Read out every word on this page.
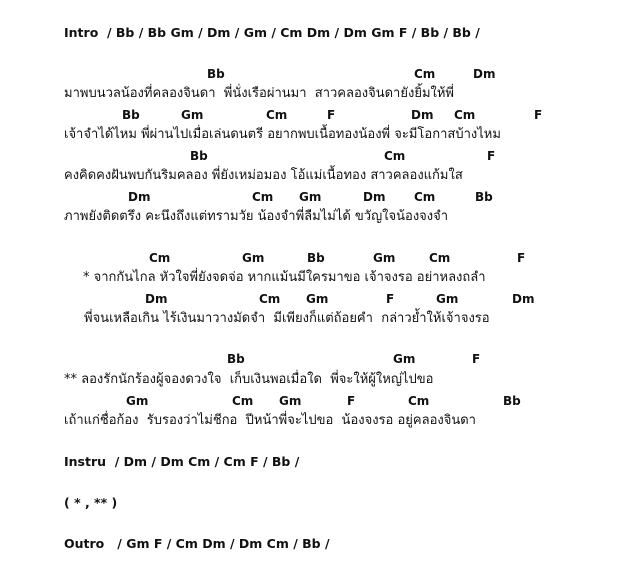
Intro  / Bb / Bb Gm / Dm / Gm / Cm Dm / Dm Gm F / Bb / Bb /
Bb	Cm	Dm
มาพบนวลน้องที่คลองจินดา  พี่นั่งเรือผ่านมา  สาวคลองจินดายังยิ้มให้พี่
Bb	Gm	Cm	F	Dm Cm	F
เจ้าจำได้ไหม พี่ผ่านไปเมื่อเล่นดนตรี อยากพบเนื้อทองน้องพี่ จะมีโอกาสบ้างไหม
Bb	Cm	F
คงคิดคงฝันพบกันริมคลอง พี่ยังเหม่อมอง โอ้แม่เนื้อทอง สาวคลองแก้มใส
Dm	Cm Gm	Dm Cm	Bb
ภาพยังติดตรึง คะนึงถึงแต่ทรามวัย น้องจำพี่ลืมไม่ได้ ขวัญใจน้องจงจำ
Cm	Gm	Bb	Gm	Cm	F
* จากกันไกล หัวใจพี่ยังจดจ่อ หากแม้นมีใครมาขอ เจ้าจงรอ อย่าหลงถลำ
Dm	Cm Gm	F	Gm	Dm
พี่จนเหลือเกิน ไร้เงินมาวางมัดจำ  มีเพียงก็แต่ถ้อยคำ  กล่าวย้ำให้เจ้าจงรอ
Bb	Gm	F
** ลองรักนักร้องผู้จองดวงใจ  เก็บเงินพอเมื่อใด  พี่จะให้ผู้ใหญ่ไปขอ
Gm	Cm Gm	F	Cm	Bb
เถ้าแก่ชื่อก้อง  รับรองว่าไม่ชีกอ  ปีหน้าพี่จะไปขอ  น้องจงรอ อยู่คลองจินดา
Instru  / Dm / Dm Cm / Cm F / Bb /
( * , ** )
Outro   / Gm F / Cm Dm / Dm Cm / Bb /
